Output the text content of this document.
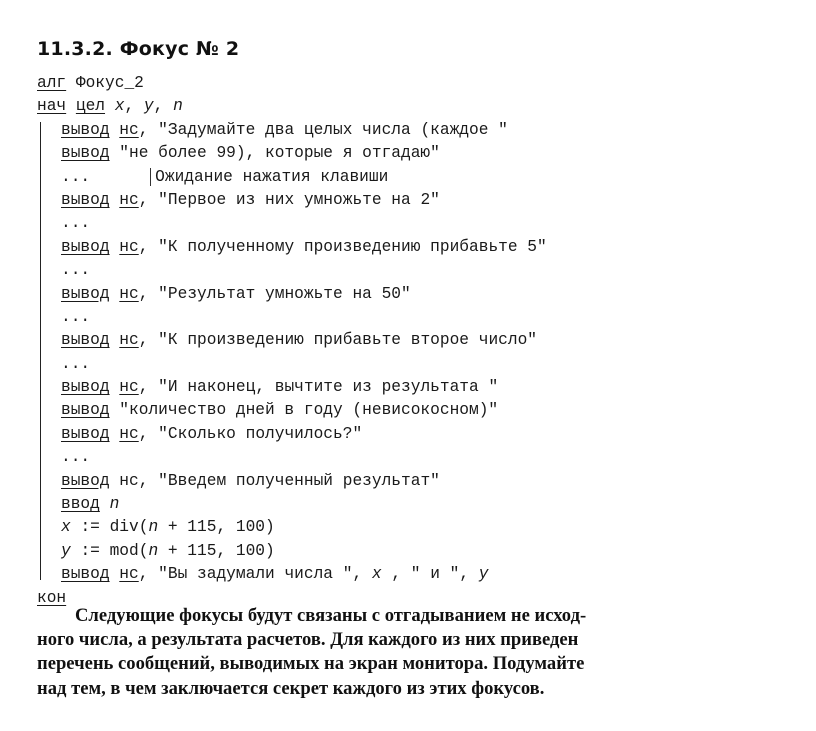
11.3.2. Фокус № 2
алг Фокус_2
нач цел x, y, n
вывод нс, "Задумайте два целых числа (каждое "
вывод "не более 99), которые я отгадаю"
...	Ожидание нажатия клавиши
вывод нс, "Первое из них умножьте на 2"
...
вывод нс, "К полученному произведению прибавьте 5"
...
вывод нс, "Результат умножьте на 50"
...
вывод нс, "К произведению прибавьте второе число"
...
вывод нс, "И наконец, вычтите из результата "
вывод "количество дней в году (невисокосном)"
вывод нс, "Сколько получилось?"
...
вывод нс, "Введем полученный результат"
ввод n
x := div(n + 115, 100)
y := mod(n + 115, 100)
вывод нс, "Вы задумали числа ", x , " и ", y
кон
Следующие фокусы будут связаны с отгадыванием не исход-
ного числа, а результата расчетов. Для каждого из них приведен
перечень сообщений, выводимых на экран монитора. Подумайте
над тем, в чем заключается секрет каждого из этих фокусов.
